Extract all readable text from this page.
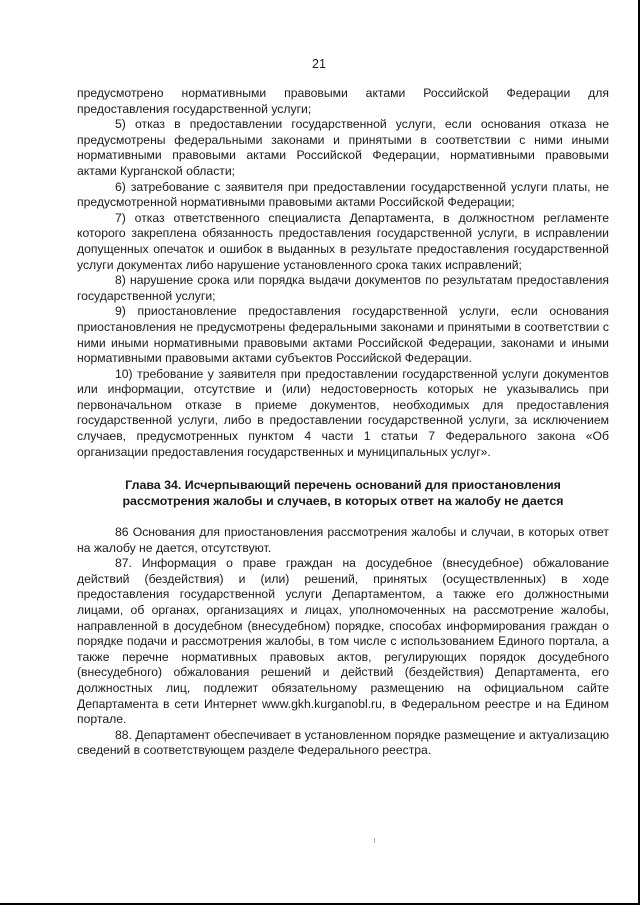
21

предусмотрено нормативными правовыми актами Российской Федерации для предоставления государственной услуги;

5) отказ в предоставлении государственной услуги, если основания отказа не предусмотрены федеральными законами и принятыми в соответствии с ними иными нормативными правовыми актами Российской Федерации, нормативными правовыми актами Курганской области;

6) затребование с заявителя при предоставлении государственной услуги платы, не предусмотренной нормативными правовыми актами Российской Федерации;

7) отказ ответственного специалиста Департамента, в должностном регламенте которого закреплена обязанность предоставления государственной услуги, в исправлении допущенных опечаток и ошибок в выданных в результате предоставления государственной услуги документах либо нарушение установленного срока таких исправлений;

8) нарушение срока или порядка выдачи документов по результатам предоставления государственной услуги;

9) приостановление предоставления государственной услуги, если основания приостановления не предусмотрены федеральными законами и принятыми в соответствии с ними иными нормативными правовыми актами Российской Федерации, законами и иными нормативными правовыми актами субъектов Российской Федерации.

10) требование у заявителя при предоставлении государственной услуги документов или информации, отсутствие и (или) недостоверность которых не указывались при первоначальном отказе в приеме документов, необходимых для предоставления государственной услуги, либо в предоставлении государственной услуги, за исключением случаев, предусмотренных пунктом 4 части 1 статьи 7 Федерального закона «Об организации предоставления государственных и муниципальных услуг».

Глава 34. Исчерпывающий перечень оснований для приостановления рассмотрения жалобы и случаев, в которых ответ на жалобу не дается

86 Основания для приостановления рассмотрения жалобы и случаи, в которых ответ на жалобу не дается, отсутствуют.

87. Информация о праве граждан на досудебное (внесудебное) обжалование действий (бездействия) и (или) решений, принятых (осуществленных) в ходе предоставления государственной услуги Департаментом, а также его должностными лицами, об органах, организациях и лицах, уполномоченных на рассмотрение жалобы, направленной в досудебном (внесудебном) порядке, способах информирования граждан о порядке подачи и рассмотрения жалобы, в том числе с использованием Единого портала, а также перечне нормативных правовых актов, регулирующих порядок досудебного (внесудебного) обжалования решений и действий (бездействия) Департамента, его должностных лиц, подлежит обязательному размещению на официальном сайте Департамента в сети Интернет www.gkh.kurganobl.ru, в Федеральном реестре и на Едином портале.

88. Департамент обеспечивает в установленном порядке размещение и актуализацию сведений в соответствующем разделе Федерального реестра.
